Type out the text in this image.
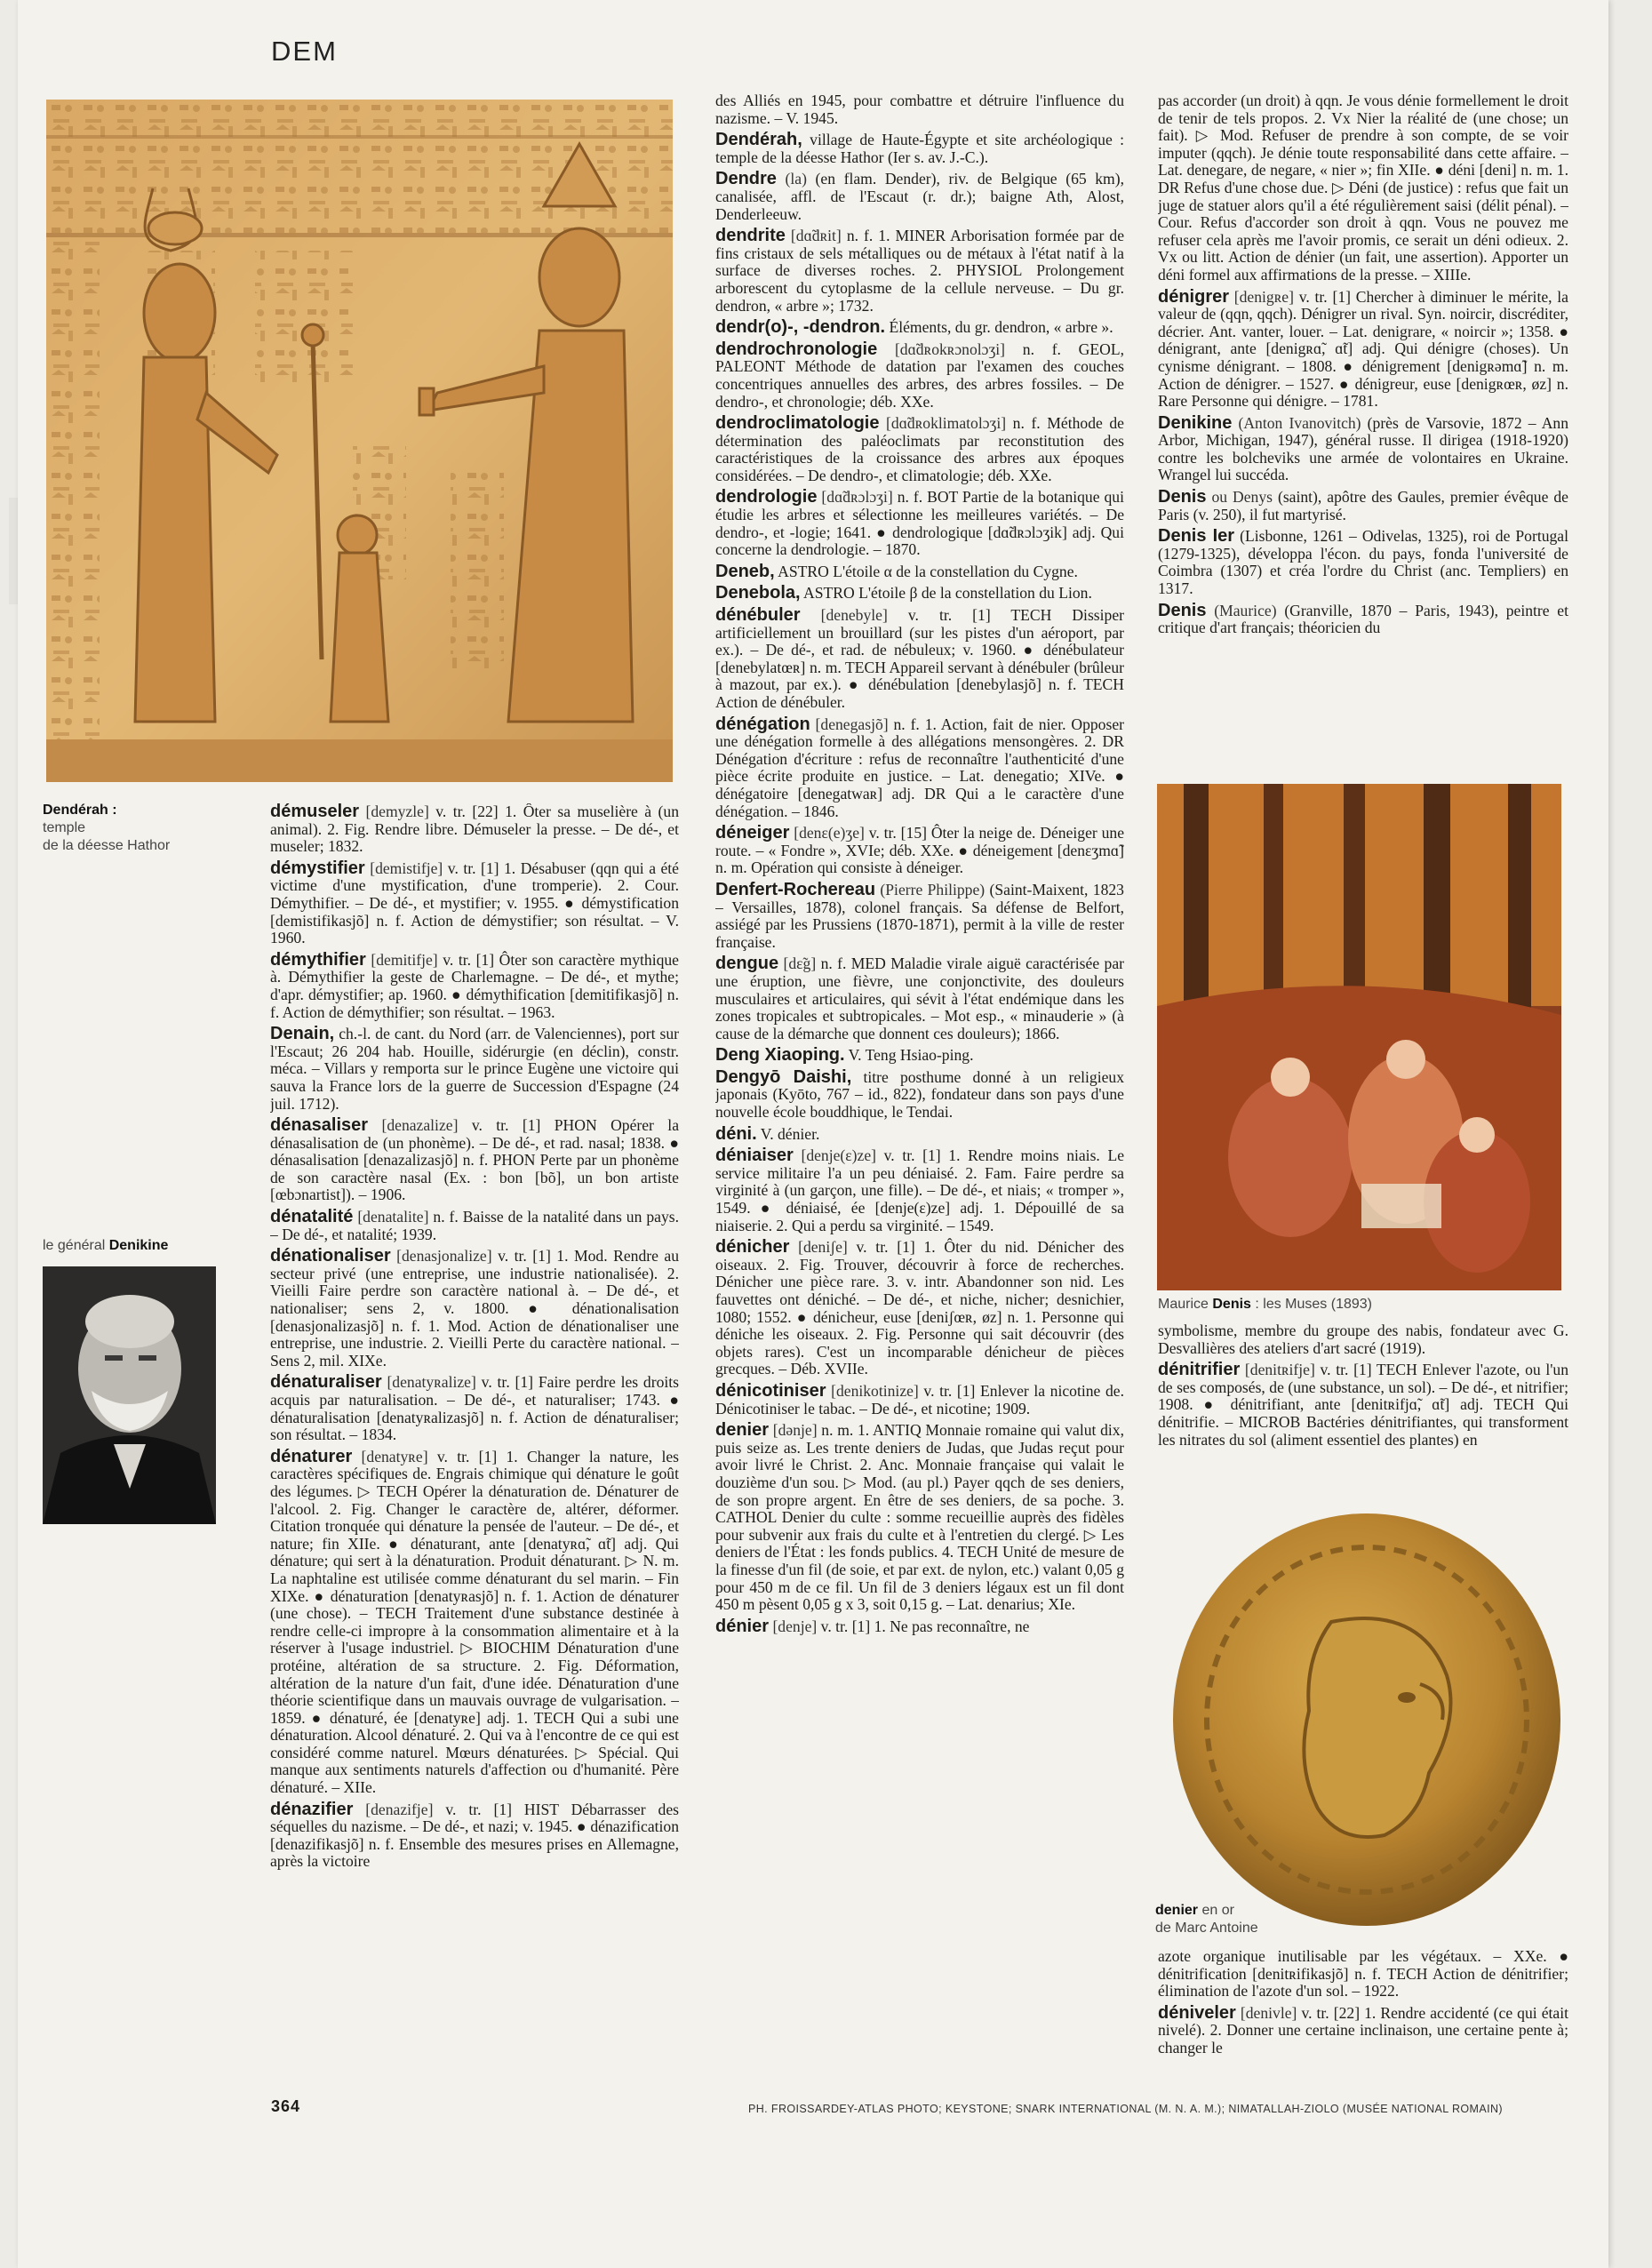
DEM
Dendérah :
temple
de la déesse Hathor
le général Denikine

démuseler [demyzle] v. tr. [22] 1. Ôter sa muselière à (un animal). 2. Fig. Rendre libre. Démuseler la presse. – De dé-, et museler; 1832.

démystifier [demistifje] v. tr. [1] 1. Désabuser (qqn qui a été victime d'une mystification, d'une tromperie). 2. Cour. Démythifier. – De dé-, et mystifier; v. 1955. ● démystification [demistifikasjõ] n. f. Action de démystifier; son résultat. – V. 1960.

démythifier [demitifje] v. tr. [1] Ôter son caractère mythique à. Démythifier la geste de Charlemagne. – De dé-, et mythe; d'apr. démystifier; ap. 1960. ● démythification [demitifikasjõ] n. f. Action de démythifier; son résultat. – 1963.

Denain, ch.-l. de cant. du Nord (arr. de Valenciennes), port sur l'Escaut; 26 204 hab. Houille, sidérurgie (en déclin), constr. méca. – Villars y remporta sur le prince Eugène une victoire qui sauva la France lors de la guerre de Succession d'Espagne (24 juil. 1712).

dénasaliser [denazalize] v. tr. [1] PHON Opérer la dénasalisation de (un phonème). – De dé-, et rad. nasal; 1838. ● dénasalisation [denazalizasjõ] n. f. PHON Perte par un phonème de son caractère nasal (Ex. : bon [bõ], un bon artiste [œbɔnartist]). – 1906.

dénatalité [denatalite] n. f. Baisse de la natalité dans un pays. – De dé-, et natalité; 1939.

dénationaliser [denasjonalize] v. tr. [1] 1. Mod. Rendre au secteur privé (une entreprise, une industrie nationalisée). 2. Vieilli Faire perdre son caractère national à. – De dé-, et nationaliser; sens 2, v. 1800. ● dénationalisation [denasjonalizasjõ] n. f. 1. Mod. Action de dénationaliser une entreprise, une industrie. 2. Vieilli Perte du caractère national. – Sens 2, mil. XIXe.

dénaturaliser [denatyʀalize] v. tr. [1] Faire perdre les droits acquis par naturalisation. – De dé-, et naturaliser; 1743. ● dénaturalisation [denatyʀalizasjõ] n. f. Action de dénaturaliser; son résultat. – 1834.

dénaturer [denatyʀe] v. tr. [1] 1. Changer la nature, les caractères spécifiques de. Engrais chimique qui dénature le goût des légumes. ▷ TECH Opérer la dénaturation de. Dénaturer de l'alcool. 2. Fig. Changer le caractère de, altérer, déformer. Citation tronquée qui dénature la pensée de l'auteur. – De dé-, et nature; fin XIIe. ● dénaturant, ante [denatyʀɑ̃, ɑ̃t] adj. Qui dénature; qui sert à la dénaturation. Produit dénaturant. ▷ N. m. La naphtaline est utilisée comme dénaturant du sel marin. – Fin XIXe. ● dénaturation [denatyʀasjõ] n. f. 1. Action de dénaturer (une chose). – TECH Traitement d'une substance destinée à rendre celle-ci impropre à la consommation alimentaire et à la réserver à l'usage industriel. ▷ BIOCHIM Dénaturation d'une protéine, altération de sa structure. 2. Fig. Déformation, altération de la nature d'un fait, d'une idée. Dénaturation d'une théorie scientifique dans un mauvais ouvrage de vulgarisation. – 1859. ● dénaturé, ée [denatyʀe] adj. 1. TECH Qui a subi une dénaturation. Alcool dénaturé. 2. Qui va à l'encontre de ce qui est considéré comme naturel. Mœurs dénaturées. ▷ Spécial. Qui manque aux sentiments naturels d'affection ou d'humanité. Père dénaturé. – XIIe.

dénazifier [denazifje] v. tr. [1] HIST Débarrasser des séquelles du nazisme. – De dé-, et nazi; v. 1945. ● dénazification [denazifikasjõ] n. f. Ensemble des mesures prises en Allemagne, après la victoire

des Alliés en 1945, pour combattre et détruire l'influence du nazisme. – V. 1945.

Dendérah, village de Haute-Égypte et site archéologique : temple de la déesse Hathor (Ier s. av. J.-C.).

Dendre (la) (en flam. Dender), riv. de Belgique (65 km), canalisée, affl. de l'Escaut (r. dr.); baigne Ath, Alost, Denderleeuw.

dendrite [dɑ̃dʀit] n. f. 1. MINER Arborisation formée par de fins cristaux de sels métalliques ou de métaux à l'état natif à la surface de diverses roches. 2. PHYSIOL Prolongement arborescent du cytoplasme de la cellule nerveuse. – Du gr. dendron, « arbre »; 1732.

dendr(o)-, -dendron. Éléments, du gr. dendron, « arbre ».

dendrochronologie [dɑ̃dʀokʀɔnolɔʒi] n. f. GEOL, PALEONT Méthode de datation par l'examen des couches concentriques annuelles des arbres, des arbres fossiles. – De dendro-, et chronologie; déb. XXe.

dendroclimatologie [dɑ̃dʀoklimatolɔʒi] n. f. Méthode de détermination des paléoclimats par reconstitution des caractéristiques de la croissance des arbres aux époques considérées. – De dendro-, et climatologie; déb. XXe.

dendrologie [dɑ̃dʀɔlɔʒi] n. f. BOT Partie de la botanique qui étudie les arbres et sélectionne les meilleures variétés. – De dendro-, et -logie; 1641. ● dendrologique [dɑ̃dʀɔlɔʒik] adj. Qui concerne la dendrologie. – 1870.

Deneb, ASTRO L'étoile α de la constellation du Cygne.

Denebola, ASTRO L'étoile β de la constellation du Lion.

dénébuler [denebyle] v. tr. [1] TECH Dissiper artificiellement un brouillard (sur les pistes d'un aéroport, par ex.). – De dé-, et rad. de nébuleux; v. 1960. ● dénébulateur [denebylatœʀ] n. m. TECH Appareil servant à dénébuler (brûleur à mazout, par ex.). ● dénébulation [denebylasjõ] n. f. TECH Action de dénébuler.

dénégation [denegasjõ] n. f. 1. Action, fait de nier. Opposer une dénégation formelle à des allégations mensongères. 2. DR Dénégation d'écriture : refus de reconnaître l'authenticité d'une pièce écrite produite en justice. – Lat. denegatio; XIVe. ● dénégatoire [denegatwaʀ] adj. DR Qui a le caractère d'une dénégation. – 1846.

déneiger [denɛ(e)ʒe] v. tr. [15] Ôter la neige de. Déneiger une route. – « Fondre », XVIe; déb. XXe. ● déneigement [denɛʒmɑ̃] n. m. Opération qui consiste à déneiger.

Denfert-Rochereau (Pierre Philippe) (Saint-Maixent, 1823 – Versailles, 1878), colonel français. Sa défense de Belfort, assiégé par les Prussiens (1870-1871), permit à la ville de rester française.

dengue [dɛ̃g] n. f. MED Maladie virale aiguë caractérisée par une éruption, une fièvre, une conjonctivite, des douleurs musculaires et articulaires, qui sévit à l'état endémique dans les zones tropicales et subtropicales. – Mot esp., « minauderie » (à cause de la démarche que donnent ces douleurs); 1866.

Deng Xiaoping. V. Teng Hsiao-ping.

Dengyō Daishi, titre posthume donné à un religieux japonais (Kyōto, 767 – id., 822), fondateur dans son pays d'une nouvelle école bouddhique, le Tendai.

déni. V. dénier.

déniaiser [denje(ɛ)ze] v. tr. [1] 1. Rendre moins niais. Le service militaire l'a un peu déniaisé. 2. Fam. Faire perdre sa virginité à (un garçon, une fille). – De dé-, et niais; « tromper », 1549. ● déniaisé, ée [denje(ɛ)ze] adj. 1. Dépouillé de sa niaiserie. 2. Qui a perdu sa virginité. – 1549.

dénicher [deniʃe] v. tr. [1] 1. Ôter du nid. Dénicher des oiseaux. 2. Fig. Trouver, découvrir à force de recherches. Dénicher une pièce rare. 3. v. intr. Abandonner son nid. Les fauvettes ont déniché. – De dé-, et niche, nicher; desnichier, 1080; 1552. ● dénicheur, euse [deniʃœʀ, øz] n. 1. Personne qui déniche les oiseaux. 2. Fig. Personne qui sait découvrir (des objets rares). C'est un incomparable dénicheur de pièces grecques. – Déb. XVIIe.

dénicotiniser [denikotinize] v. tr. [1] Enlever la nicotine de. Dénicotiniser le tabac. – De dé-, et nicotine; 1909.

denier [dənje] n. m. 1. ANTIQ Monnaie romaine qui valut dix, puis seize as. Les trente deniers de Judas, que Judas reçut pour avoir livré le Christ. 2. Anc. Monnaie française qui valait le douzième d'un sou. ▷ Mod. (au pl.) Payer qqch de ses deniers, de son propre argent. En être de ses deniers, de sa poche. 3. CATHOL Denier du culte : somme recueillie auprès des fidèles pour subvenir aux frais du culte et à l'entretien du clergé. ▷ Les deniers de l'État : les fonds publics. 4. TECH Unité de mesure de la finesse d'un fil (de soie, et par ext. de nylon, etc.) valant 0,05 g pour 450 m de ce fil. Un fil de 3 deniers légaux est un fil dont 450 m pèsent 0,05 g x 3, soit 0,15 g. – Lat. denarius; XIe.

dénier [denje] v. tr. [1] 1. Ne pas reconnaître, ne

pas accorder (un droit) à qqn. Je vous dénie formellement le droit de tenir de tels propos. 2. Vx Nier la réalité de (une chose; un fait). ▷ Mod. Refuser de prendre à son compte, de se voir imputer (qqch). Je dénie toute responsabilité dans cette affaire. – Lat. denegare, de negare, « nier »; fin XIIe. ● déni [deni] n. m. 1. DR Refus d'une chose due. ▷ Déni (de justice) : refus que fait un juge de statuer alors qu'il a été régulièrement saisi (délit pénal). – Cour. Refus d'accorder son droit à qqn. Vous ne pouvez me refuser cela après me l'avoir promis, ce serait un déni odieux. 2. Vx ou litt. Action de dénier (un fait, une assertion). Apporter un déni formel aux affirmations de la presse. – XIIIe.

dénigrer [denigʀe] v. tr. [1] Chercher à diminuer le mérite, la valeur de (qqn, qqch). Dénigrer un rival. Syn. noircir, discréditer, décrier. Ant. vanter, louer. – Lat. denigrare, « noircir »; 1358. ● dénigrant, ante [denigʀɑ̃, ɑ̃t] adj. Qui dénigre (choses). Un cynisme dénigrant. – 1808. ● dénigrement [denigʀəmɑ̃] n. m. Action de dénigrer. – 1527. ● dénigreur, euse [denigʀœʀ, øz] n. Rare Personne qui dénigre. – 1781.

Denikine (Anton Ivanovitch) (près de Varsovie, 1872 – Ann Arbor, Michigan, 1947), général russe. Il dirigea (1918-1920) contre les bolcheviks une armée de volontaires en Ukraine. Wrangel lui succéda.

Denis ou Denys (saint), apôtre des Gaules, premier évêque de Paris (v. 250), il fut martyrisé.

Denis Ier (Lisbonne, 1261 – Odivelas, 1325), roi de Portugal (1279-1325), développa l'écon. du pays, fonda l'université de Coimbra (1307) et créa l'ordre du Christ (anc. Templiers) en 1317.

Denis (Maurice) (Granville, 1870 – Paris, 1943), peintre et critique d'art français; théoricien du

Maurice Denis : les Muses (1893)

symbolisme, membre du groupe des nabis, fondateur avec G. Desvallières des ateliers d'art sacré (1919).

dénitrifier [denitʀifje] v. tr. [1] TECH Enlever l'azote, ou l'un de ses composés, de (une substance, un sol). – De dé-, et nitrifier; 1908. ● dénitrifiant, ante [denitʀifjɑ̃, ɑ̃t] adj. TECH Qui dénitrifie. – MICROB Bactéries dénitrifiantes, qui transforment les nitrates du sol (aliment essentiel des plantes) en

denier en or
de Marc Antoine

azote organique inutilisable par les végétaux. – XXe. ● dénitrification [denitʀifikasjõ] n. f. TECH Action de dénitrifier; élimination de l'azote d'un sol. – 1922.

déniveler [denivle] v. tr. [22] 1. Rendre accidenté (ce qui était nivelé). 2. Donner une certaine inclinaison, une certaine pente à; changer le

364	PH. FROISSARDEY-ATLAS PHOTO; KEYSTONE; SNARK INTERNATIONAL (M. N. A. M.); NIMATALLAH-ZIOLO (MUSÉE NATIONAL ROMAIN)
